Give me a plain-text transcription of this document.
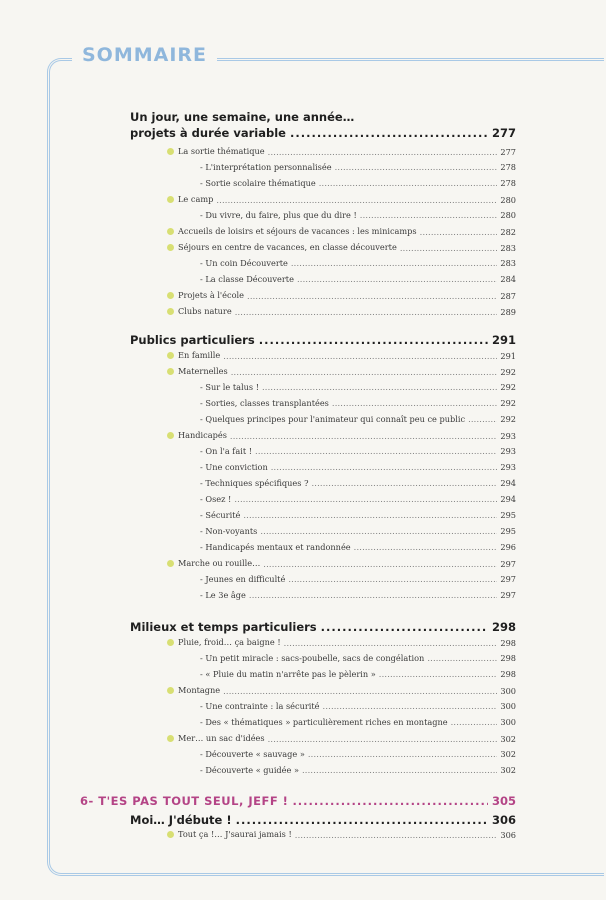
SOMMAIRE
Un jour, une semaine, une année…
projets à durée variable . . .	277
La sortie thématique . . .	277
- L'interprétation personnalisée . . .	278
- Sortie scolaire thématique . . .	278
Le camp . . .	280
- Du vivre, du faire, plus que du dire ! . . .	280
Accueils de loisirs et séjours de vacances : les minicamps . . .	282
Séjours en centre de vacances, en classe découverte . . .	283
- Un coin Découverte . . .	283
- La classe Découverte . . .	284
Projets à l'école . . .	287
Clubs nature . . .	289
Publics particuliers . . .	291
En famille . . .	291
Maternelles . . .	292
- Sur le talus ! . . .	292
- Sorties, classes transplantées . . .	292
- Quelques principes pour l'animateur qui connaît peu ce public . . .	292
Handicapés . . .	293
- On l'a fait ! . . .	293
- Une conviction . . .	293
- Techniques spécifiques ? . . .	294
- Osez ! . . .	294
- Sécurité . . .	295
- Non-voyants . . .	295
- Handicapés mentaux et randonnée . . .	296
Marche ou rouille… . . .	297
- Jeunes en difficulté . . .	297
- Le 3e âge . . .	297
Milieux et temps particuliers . . .	298
Pluie, froid… ça baigne ! . . .	298
- Un petit miracle : sacs-poubelle, sacs de congélation . . .	298
- « Pluie du matin n'arrête pas le pèlerin » . . .	298
Montagne . . .	300
- Une contrainte : la sécurité . . .	300
- Des « thématiques » particulièrement riches en montagne . . .	300
Mer… un sac d'idées . . .	302
- Découverte « sauvage » . . .	302
- Découverte « guidée » . . .	302
6- T'ES PAS TOUT SEUL, JEFF ! . . .	305
Moi… J'débute ! . . .	306
Tout ça !… J'saurai jamais ! . . .	306
